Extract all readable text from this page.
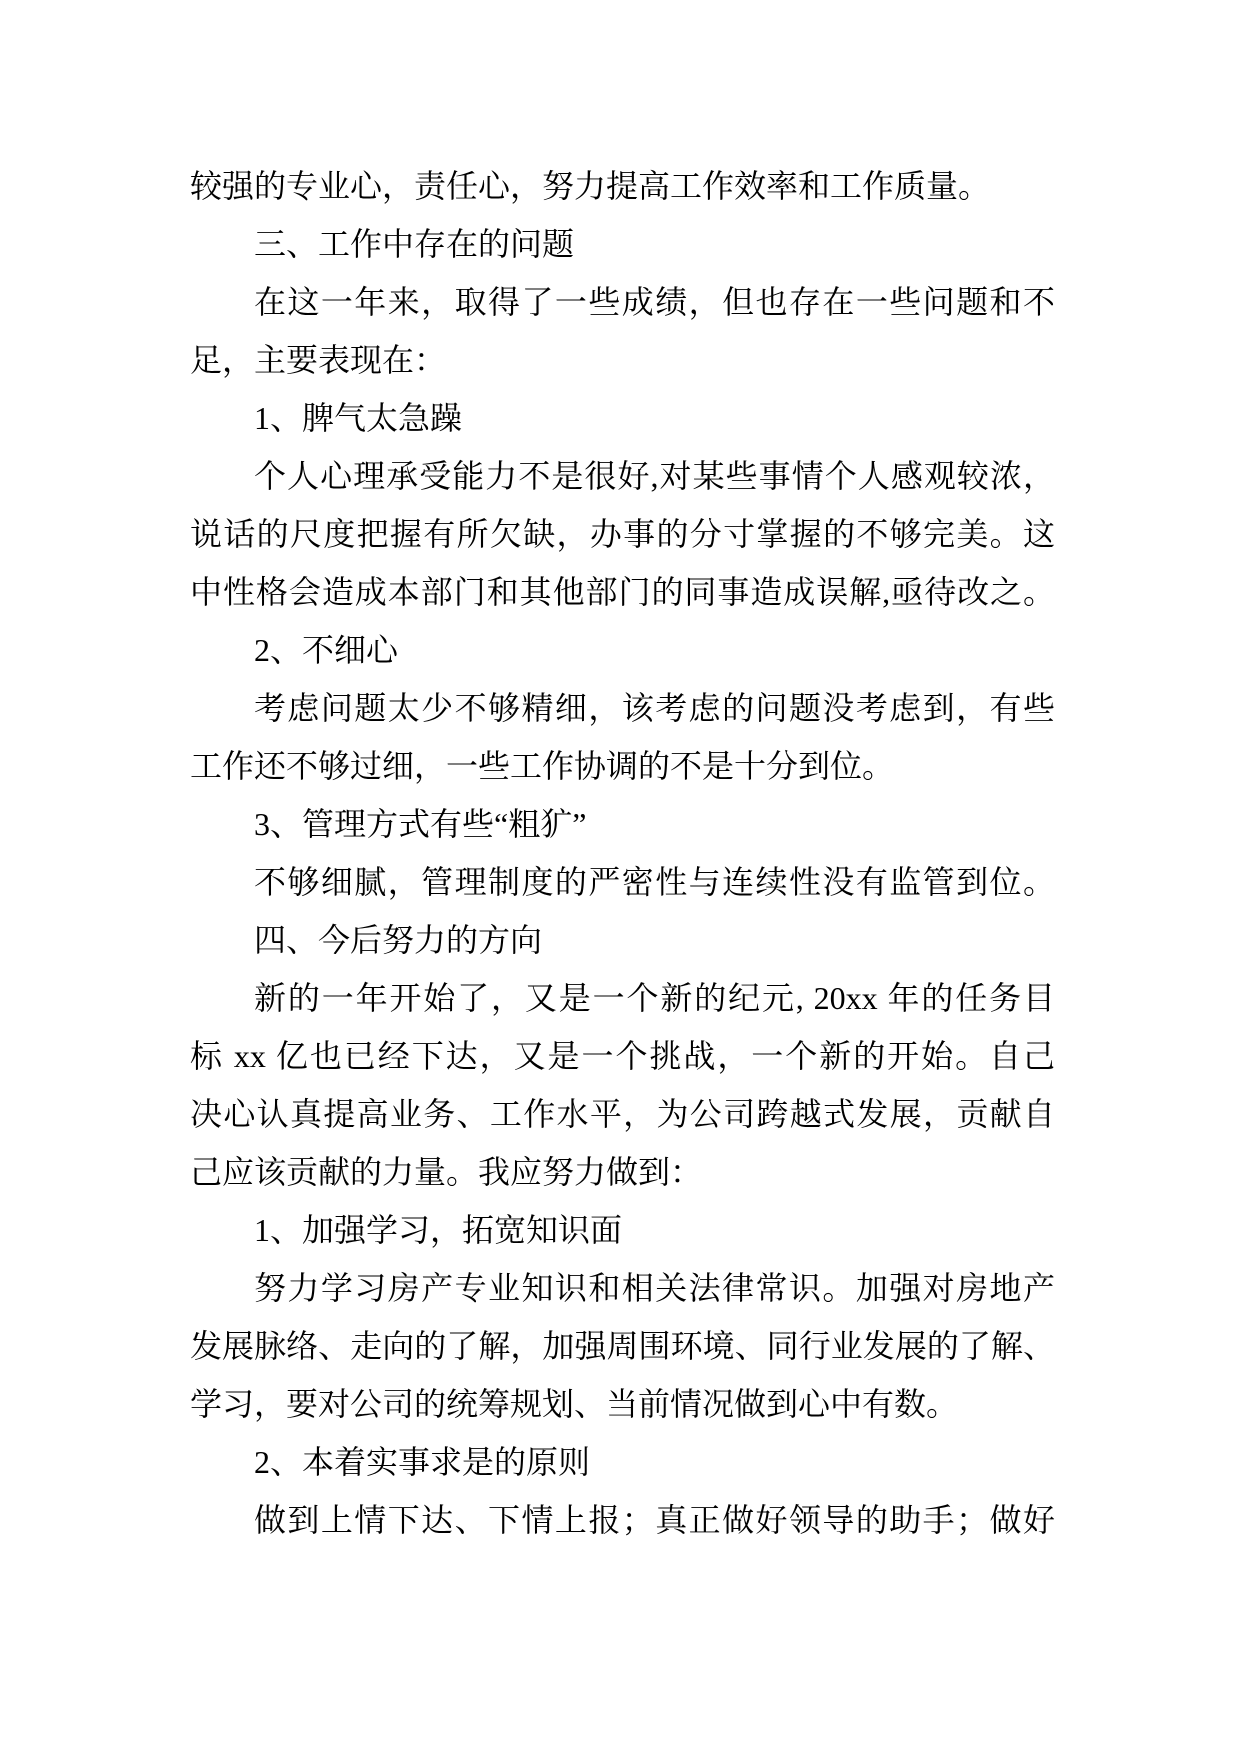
较强的专业心，责任心，努力提高工作效率和工作质量。
三、工作中存在的问题
在这一年来，取得了一些成绩，但也存在一些问题和不
足，主要表现在：
1、脾气太急躁
个人心理承受能力不是很好,对某些事情个人感观较浓，
说话的尺度把握有所欠缺，办事的分寸掌握的不够完美。这
中性格会造成本部门和其他部门的同事造成误解,亟待改之。
2、不细心
考虑问题太少不够精细，该考虑的问题没考虑到，有些
工作还不够过细，一些工作协调的不是十分到位。
3、管理方式有些“粗犷”
不够细腻，管理制度的严密性与连续性没有监管到位。
四、今后努力的方向
新的一年开始了，又是一个新的纪元, 20xx 年的任务目
标 xx 亿也已经下达，又是一个挑战，一个新的开始。自己
决心认真提高业务、工作水平，为公司跨越式发展，贡献自
己应该贡献的力量。我应努力做到：
1、加强学习，拓宽知识面
努力学习房产专业知识和相关法律常识。加强对房地产
发展脉络、走向的了解，加强周围环境、同行业发展的了解、
学习，要对公司的统筹规划、当前情况做到心中有数。
2、本着实事求是的原则
做到上情下达、下情上报；真正做好领导的助手；做好
